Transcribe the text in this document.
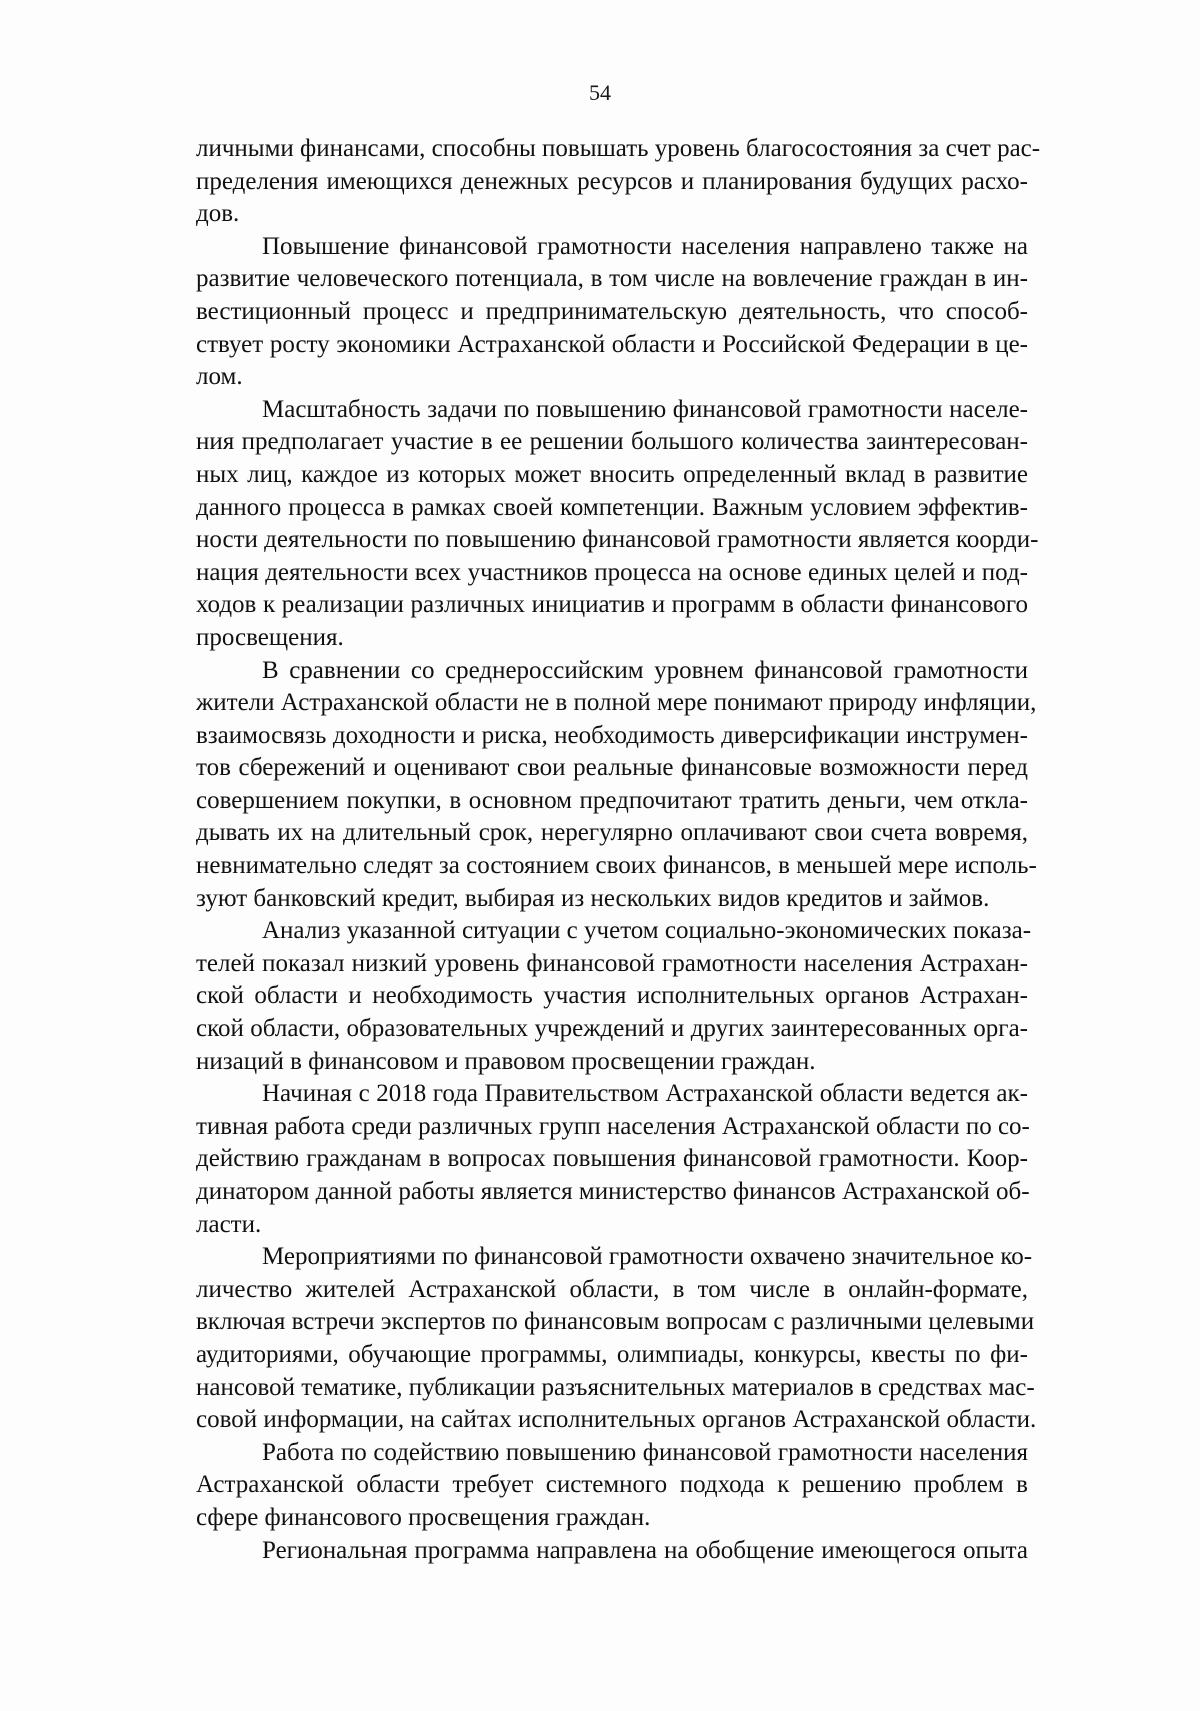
54
личными финансами, способны повышать уровень благосостояния за счет рас-
пределения имеющихся денежных ресурсов и планирования будущих расхо-
дов.
Повышение финансовой грамотности населения направлено также на
развитие человеческого потенциала, в том числе на вовлечение граждан в ин-
вестиционный процесс и предпринимательскую деятельность, что способ-
ствует росту экономики Астраханской области и Российской Федерации в це-
лом.
Масштабность задачи по повышению финансовой грамотности населе-
ния предполагает участие в ее решении большого количества заинтересован-
ных лиц, каждое из которых может вносить определенный вклад в развитие
данного процесса в рамках своей компетенции. Важным условием эффектив-
ности деятельности по повышению финансовой грамотности является коорди-
нация деятельности всех участников процесса на основе единых целей и под-
ходов к реализации различных инициатив и программ в области финансового
просвещения.
В сравнении со среднероссийским уровнем финансовой грамотности
жители Астраханской области не в полной мере понимают природу инфляции,
взаимосвязь доходности и риска, необходимость диверсификации инструмен-
тов сбережений и оценивают свои реальные финансовые возможности перед
совершением покупки, в основном предпочитают тратить деньги, чем откла-
дывать их на длительный срок, нерегулярно оплачивают свои счета вовремя,
невнимательно следят за состоянием своих финансов, в меньшей мере исполь-
зуют банковский кредит, выбирая из нескольких видов кредитов и займов.
Анализ указанной ситуации с учетом социально-экономических показа-
телей показал низкий уровень финансовой грамотности населения Астрахан-
ской области и необходимость участия исполнительных органов Астрахан-
ской области, образовательных учреждений и других заинтересованных орга-
низаций в финансовом и правовом просвещении граждан.
Начиная с 2018 года Правительством Астраханской области ведется ак-
тивная работа среди различных групп населения Астраханской области по со-
действию гражданам в вопросах повышения финансовой грамотности. Коор-
динатором данной работы является министерство финансов Астраханской об-
ласти.
Мероприятиями по финансовой грамотности охвачено значительное ко-
личество жителей Астраханской области, в том числе в онлайн-формате,
включая встречи экспертов по финансовым вопросам с различными целевыми
аудиториями, обучающие программы, олимпиады, конкурсы, квесты по фи-
нансовой тематике, публикации разъяснительных материалов в средствах мас-
совой информации, на сайтах исполнительных органов Астраханской области.
Работа по содействию повышению финансовой грамотности населения
Астраханской области требует системного подхода к решению проблем в
сфере финансового просвещения граждан.
Региональная программа направлена на обобщение имеющегося опыта
